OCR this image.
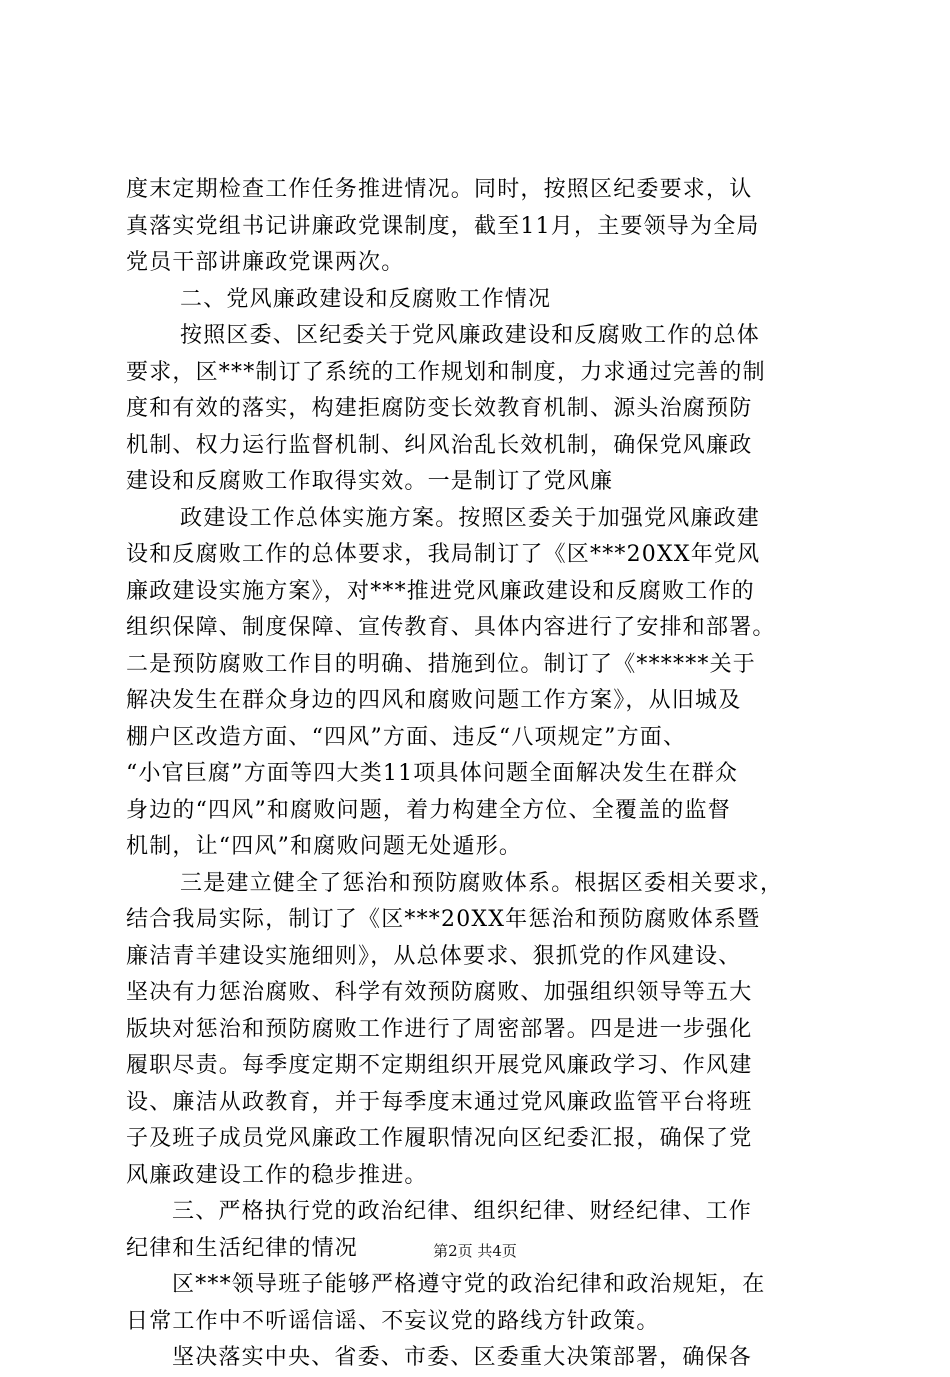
度末定期检查工作任务推进情况。同时，按照区纪委要求，认
真落实党组书记讲廉政党课制度，截至11月，主要领导为全局
党员干部讲廉政党课两次。
二、党风廉政建设和反腐败工作情况
按照区委、区纪委关于党风廉政建设和反腐败工作的总体
要求，区***制订了系统的工作规划和制度，力求通过完善的制
度和有效的落实，构建拒腐防变长效教育机制、源头治腐预防
机制、权力运行监督机制、纠风治乱长效机制，确保党风廉政
建设和反腐败工作取得实效。一是制订了党风廉
政建设工作总体实施方案。按照区委关于加强党风廉政建
设和反腐败工作的总体要求，我局制订了《区***20XX年党风
廉政建设实施方案》，对***推进党风廉政建设和反腐败工作的
组织保障、制度保障、宣传教育、具体内容进行了安排和部署。
二是预防腐败工作目的明确、措施到位。制订了《******关于
解决发生在群众身边的四风和腐败问题工作方案》，从旧城及
棚户区改造方面、“四风”方面、违反“八项规定”方面、
“小官巨腐”方面等四大类11项具体问题全面解决发生在群众
身边的“四风”和腐败问题，着力构建全方位、全覆盖的监督
机制，让“四风”和腐败问题无处遁形。
三是建立健全了惩治和预防腐败体系。根据区委相关要求，
结合我局实际，制订了《区***20XX年惩治和预防腐败体系暨
廉洁青羊建设实施细则》，从总体要求、狠抓党的作风建设、
坚决有力惩治腐败、科学有效预防腐败、加强组织领导等五大
版块对惩治和预防腐败工作进行了周密部署。四是进一步强化
履职尽责。每季度定期不定期组织开展党风廉政学习、作风建
设、廉洁从政教育，并于每季度末通过党风廉政监管平台将班
子及班子成员党风廉政工作履职情况向区纪委汇报，确保了党
风廉政建设工作的稳步推进。
三、严格执行党的政治纪律、组织纪律、财经纪律、工作
纪律和生活纪律的情况
区***领导班子能够严格遵守党的政治纪律和政治规矩，在
日常工作中不听谣信谣、不妄议党的路线方针政策。
坚决落实中央、省委、市委、区委重大决策部署，确保各
第2页 共4页
